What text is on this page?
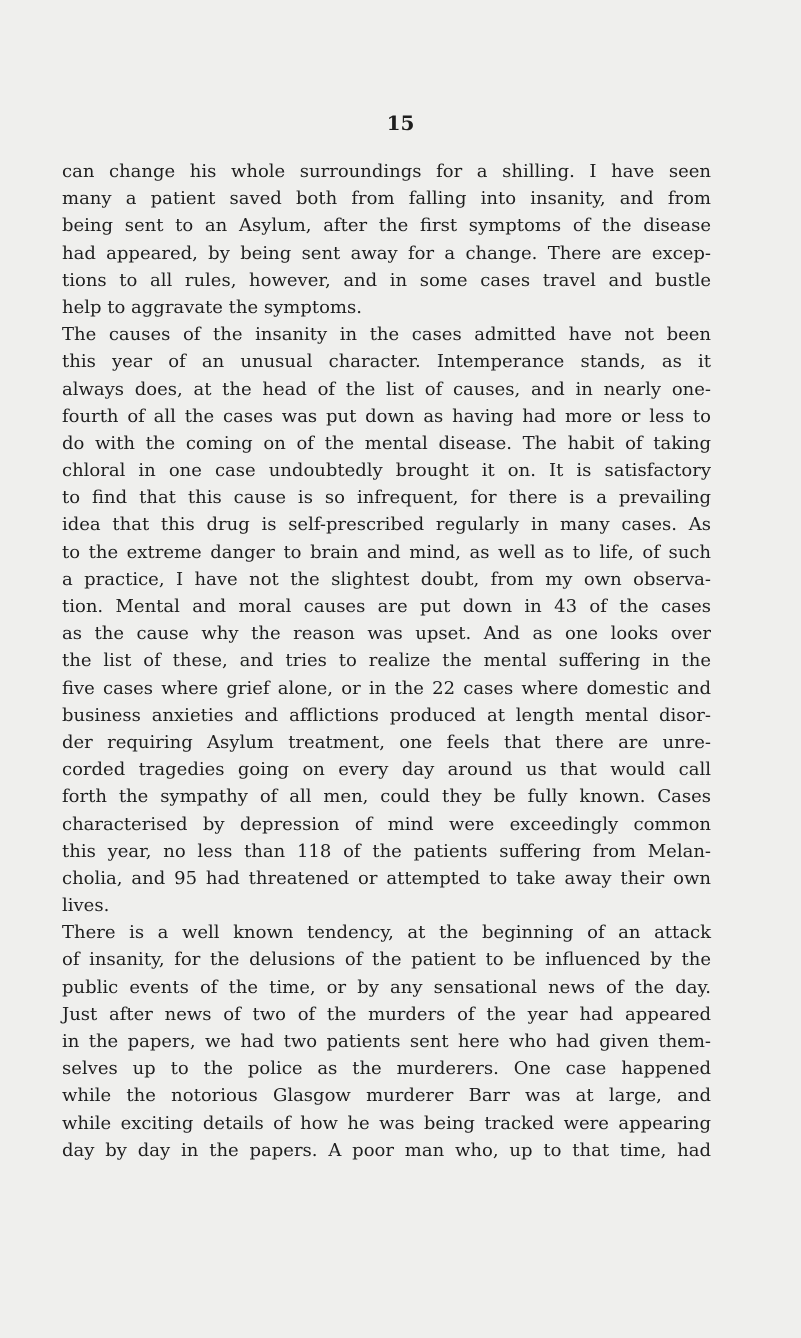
15
can change his whole surroundings for a shilling. I have seen
many a patient saved both from falling into insanity, and from
being sent to an Asylum, after the first symptoms of the disease
had appeared, by being sent away for a change. There are excep-
tions to all rules, however, and in some cases travel and bustle
help to aggravate the symptoms.
The causes of the insanity in the cases admitted have not been
this year of an unusual character. Intemperance stands, as it
always does, at the head of the list of causes, and in nearly one-
fourth of all the cases was put down as having had more or less to
do with the coming on of the mental disease. The habit of taking
chloral in one case undoubtedly brought it on. It is satisfactory
to find that this cause is so infrequent, for there is a prevailing
idea that this drug is self-prescribed regularly in many cases. As
to the extreme danger to brain and mind, as well as to life, of such
a practice, I have not the slightest doubt, from my own observa-
tion. Mental and moral causes are put down in 43 of the cases
as the cause why the reason was upset. And as one looks over
the list of these, and tries to realize the mental suffering in the
five cases where grief alone, or in the 22 cases where domestic and
business anxieties and afflictions produced at length mental disor-
der requiring Asylum treatment, one feels that there are unre-
corded tragedies going on every day around us that would call
forth the sympathy of all men, could they be fully known. Cases
characterised by depression of mind were exceedingly common
this year, no less than 118 of the patients suffering from Melan-
cholia, and 95 had threatened or attempted to take away their own
lives.
There is a well known tendency, at the beginning of an attack
of insanity, for the delusions of the patient to be influenced by the
public events of the time, or by any sensational news of the day.
Just after news of two of the murders of the year had appeared
in the papers, we had two patients sent here who had given them-
selves up to the police as the murderers. One case happened
while the notorious Glasgow murderer Barr was at large, and
while exciting details of how he was being tracked were appearing
day by day in the papers. A poor man who, up to that time, had
